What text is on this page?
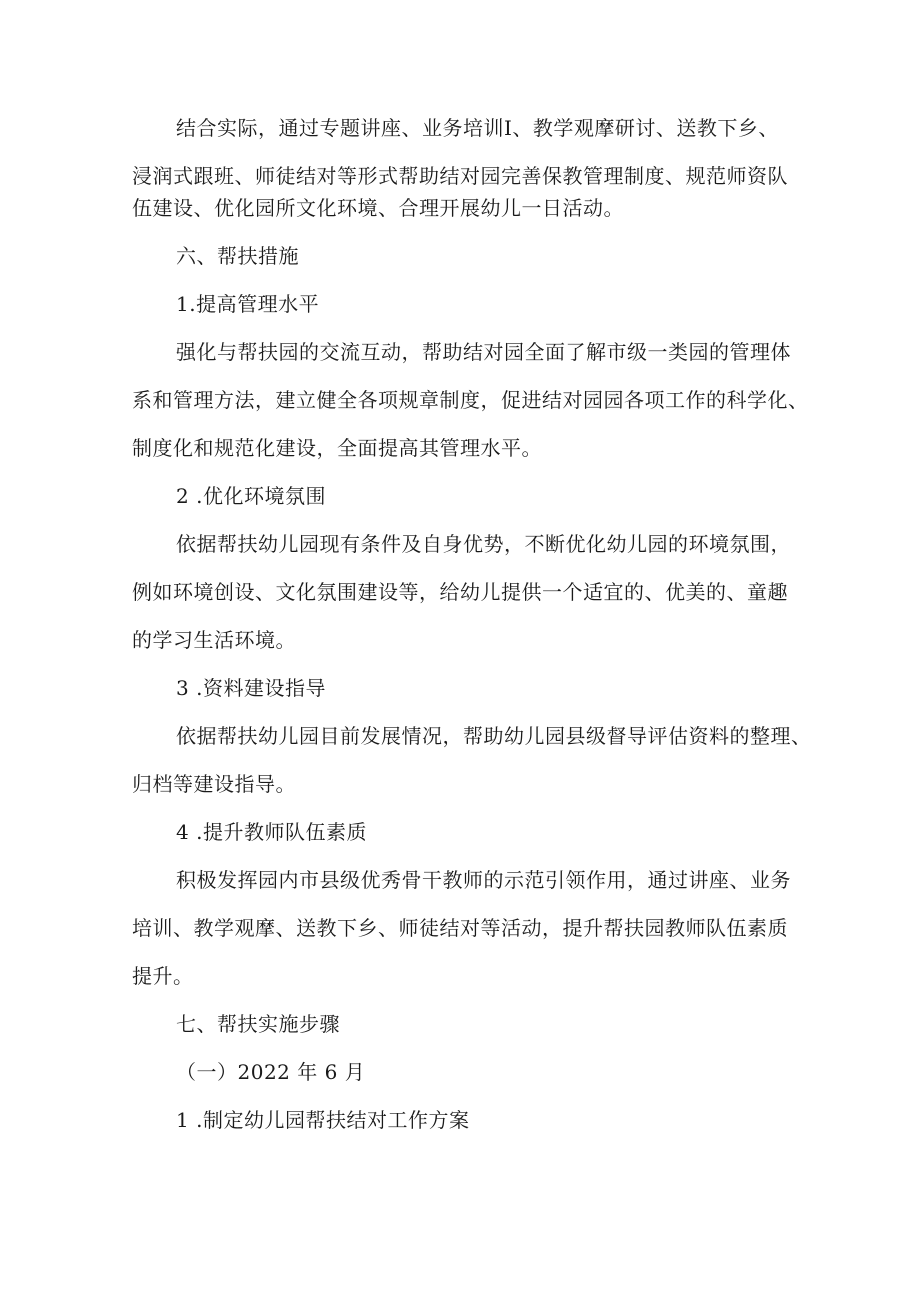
结合实际，通过专题讲座、业务培训Ⅰ、教学观摩研讨、送教下乡、
浸润式跟班、师徒结对等形式帮助结对园完善保教管理制度、规范师资队
伍建设、优化园所文化环境、合理开展幼儿一日活动。
六、帮扶措施
1.提高管理水平
强化与帮扶园的交流互动，帮助结对园全面了解市级一类园的管理体
系和管理方法，建立健全各项规章制度，促进结对园园各项工作的科学化、
制度化和规范化建设，全面提高其管理水平。
2 .优化环境氛围
依据帮扶幼儿园现有条件及自身优势，不断优化幼儿园的环境氛围，
例如环境创设、文化氛围建设等，给幼儿提供一个适宜的、优美的、童趣
的学习生活环境。
3 .资料建设指导
依据帮扶幼儿园目前发展情况，帮助幼儿园县级督导评估资料的整理、
归档等建设指导。
4 .提升教师队伍素质
积极发挥园内市县级优秀骨干教师的示范引领作用，通过讲座、业务
培训、教学观摩、送教下乡、师徒结对等活动，提升帮扶园教师队伍素质
提升。
七、帮扶实施步骤
（一）2022 年 6 月
1 .制定幼儿园帮扶结对工作方案
